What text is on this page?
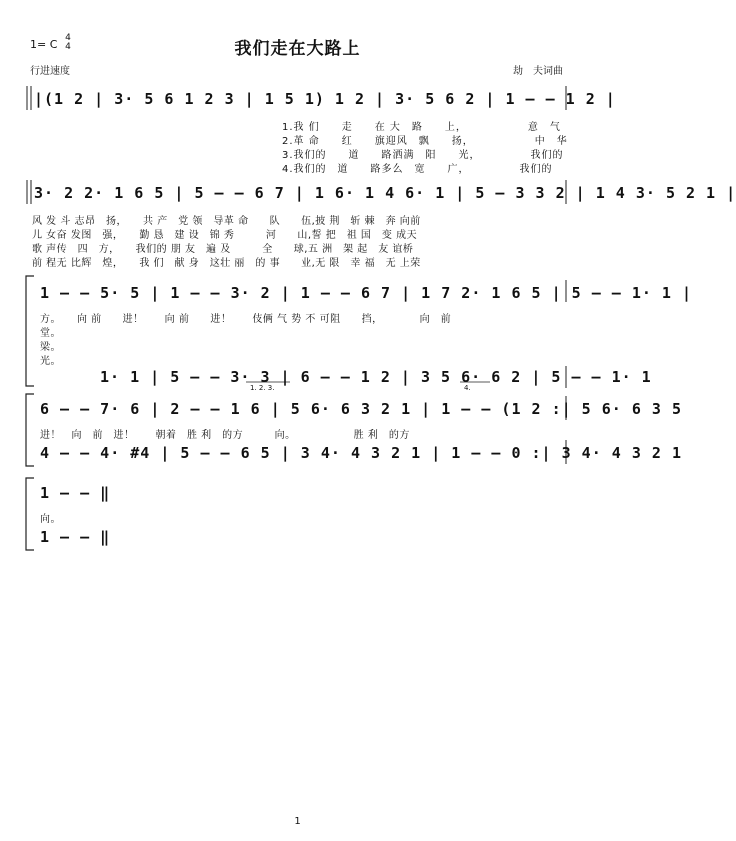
我们走在大路上
1= C 4
4
行进速度	劫　夫词曲
|(1 2 | 3· 5 6 1 2 3 | 1 5 1) 1 2 | 3· 5 6 2 | 1 – – 1 2 |
1.我 们　　走　　在 大　路　　上，　　　　　　意　气
2.革 命　　红　　旗迎风　飘　　扬，　　　　　　中　华
3.我们的　　道　　路洒满　阳　　光，　　　　　我们的
4.我们的　道　　路多么　宽　　广，　　　　　我们的
3· 2 2· 1 6 5 | 5 – – 6 7 | 1 6· 1 4 6· 1 | 5 – 3 3 2 | 1 4 3· 5 2 1 |
风 发 斗 志昂　扬，　　共 产　党 领　导革 命　　队　　伍,披 荆　斩 棘　奔 向前
儿 女奋 发图　强，　　勤 恳　建 设　锦 秀　　　河　　山,誓 把　祖 国　变 成天
歌 声传　四　方，　　我们的 朋 友　遍 及　　　全　　球,五 洲　架 起　友 谊桥
前 程无 比辉　煌，　　我 们　献 身　这壮 丽　的 事　　业,无 限　幸 福　无 上荣
1 – – 5· 5 | 1 – – 3· 2 | 1 – – 6 7 | 1 7 2· 1 6 5 | 5 – – 1· 1 |
方。　　向 前　　进！　　向 前　　进！　　伎俩 气 势 不 可阻　　挡，　　　　向　前
堂。
梁。
光。
1· 1 | 5 – – 3· 3 | 6 – – 1 2 | 3 5 6· 6 2 | 5 – – 1· 1
1. 2. 3.	4.
6 – – 7· 6 | 2 – – 1 6 | 5 6· 6 3 2 1 | 1 – – (1 2 :| 5 6· 6 3 5
进！　向　前　进！　　朝着　胜 利　的方　　　向。　　　　　　胜 利　的方
4 – – 4· #4 | 5 – – 6 5 | 3 4· 4 3 2 1 | 1 – – 0 :| 3 4· 4 3 2 1
1 – – ‖
向。
1 – – ‖
1
